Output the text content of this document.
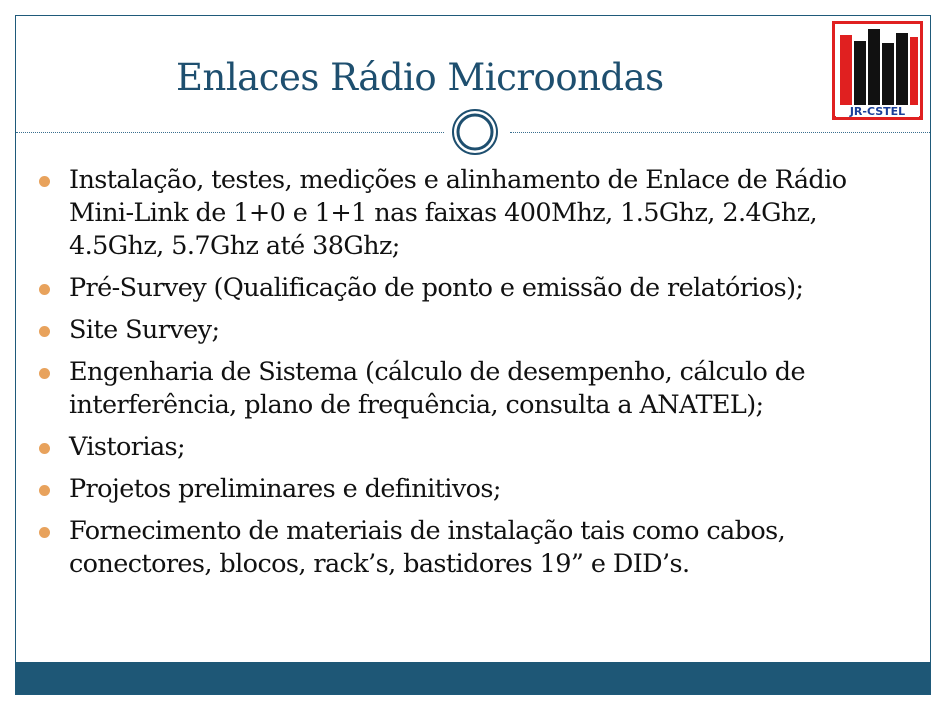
Enlaces Rádio Microondas
JR-CSTEL
Instalação, testes, medições e alinhamento de Enlace de Rádio Mini-Link de 1+0 e 1+1 nas faixas 400Mhz, 1.5Ghz, 2.4Ghz, 4.5Ghz, 5.7Ghz até 38Ghz;
Pré-Survey (Qualificação de ponto e emissão de relatórios);
Site Survey;
Engenharia de Sistema (cálculo de desempenho, cálculo de interferência, plano de frequência, consulta a ANATEL);
Vistorias;
Projetos preliminares e definitivos;
Fornecimento de materiais de instalação tais como cabos, conectores, blocos, rack’s, bastidores 19” e DID’s.
